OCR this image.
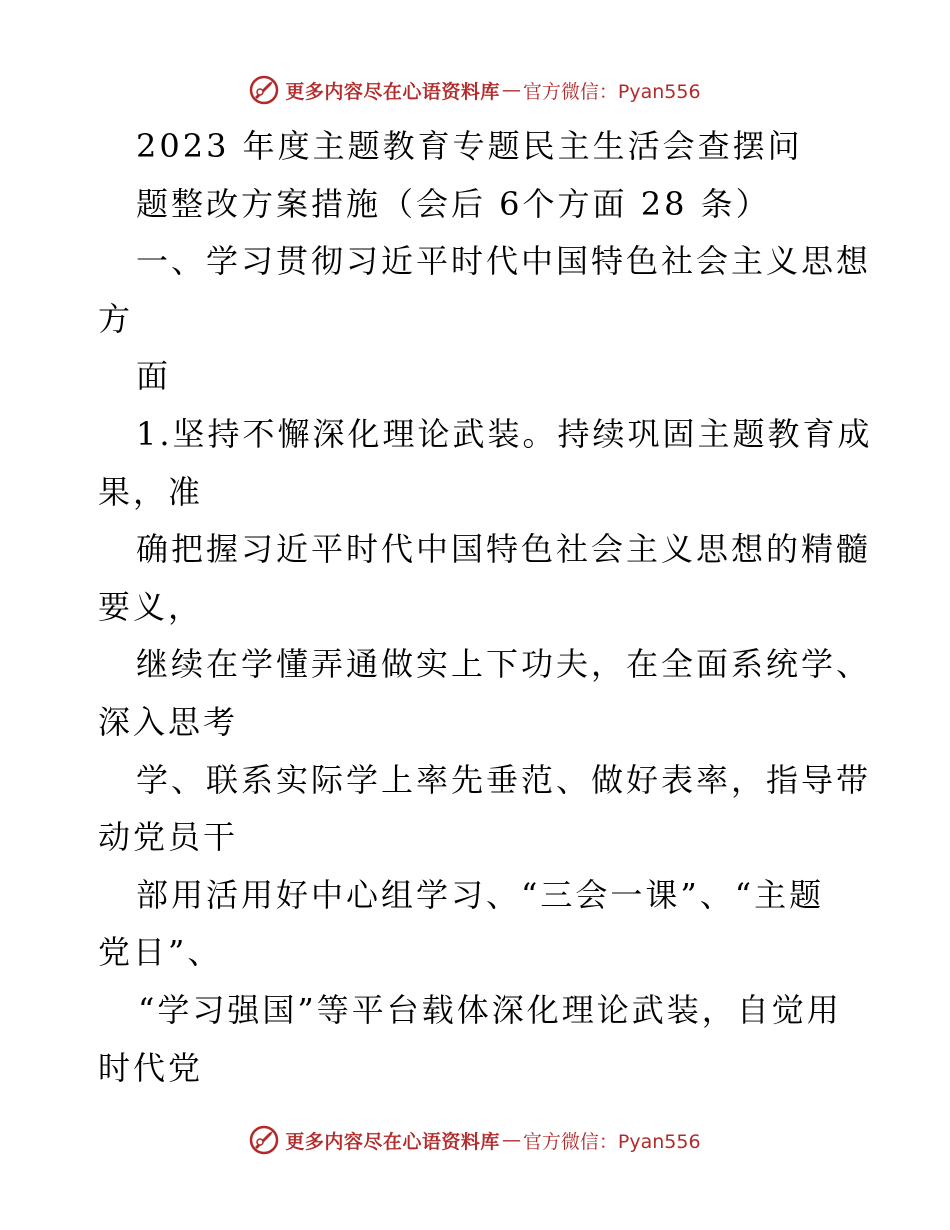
更多内容尽在心语资料库 — 官方微信：Pyan556
2023 年度主题教育专题民主生活会查摆问
题整改方案措施（会后 6个方面 28 条）
一、学习贯彻习近平时代中国特色社会主义思想
方
面
1.坚持不懈深化理论武装。持续巩固主题教育成
果，准
确把握习近平时代中国特色社会主义思想的精髓
要义，
继续在学懂弄通做实上下功夫，在全面系统学、
深入思考
学、联系实际学上率先垂范、做好表率，指导带
动党员干
部用活用好中心组学习、“三会一课”、“主题
党日”、
“学习强国”等平台载体深化理论武装，自觉用
时代党
更多内容尽在心语资料库 — 官方微信：Pyan556
